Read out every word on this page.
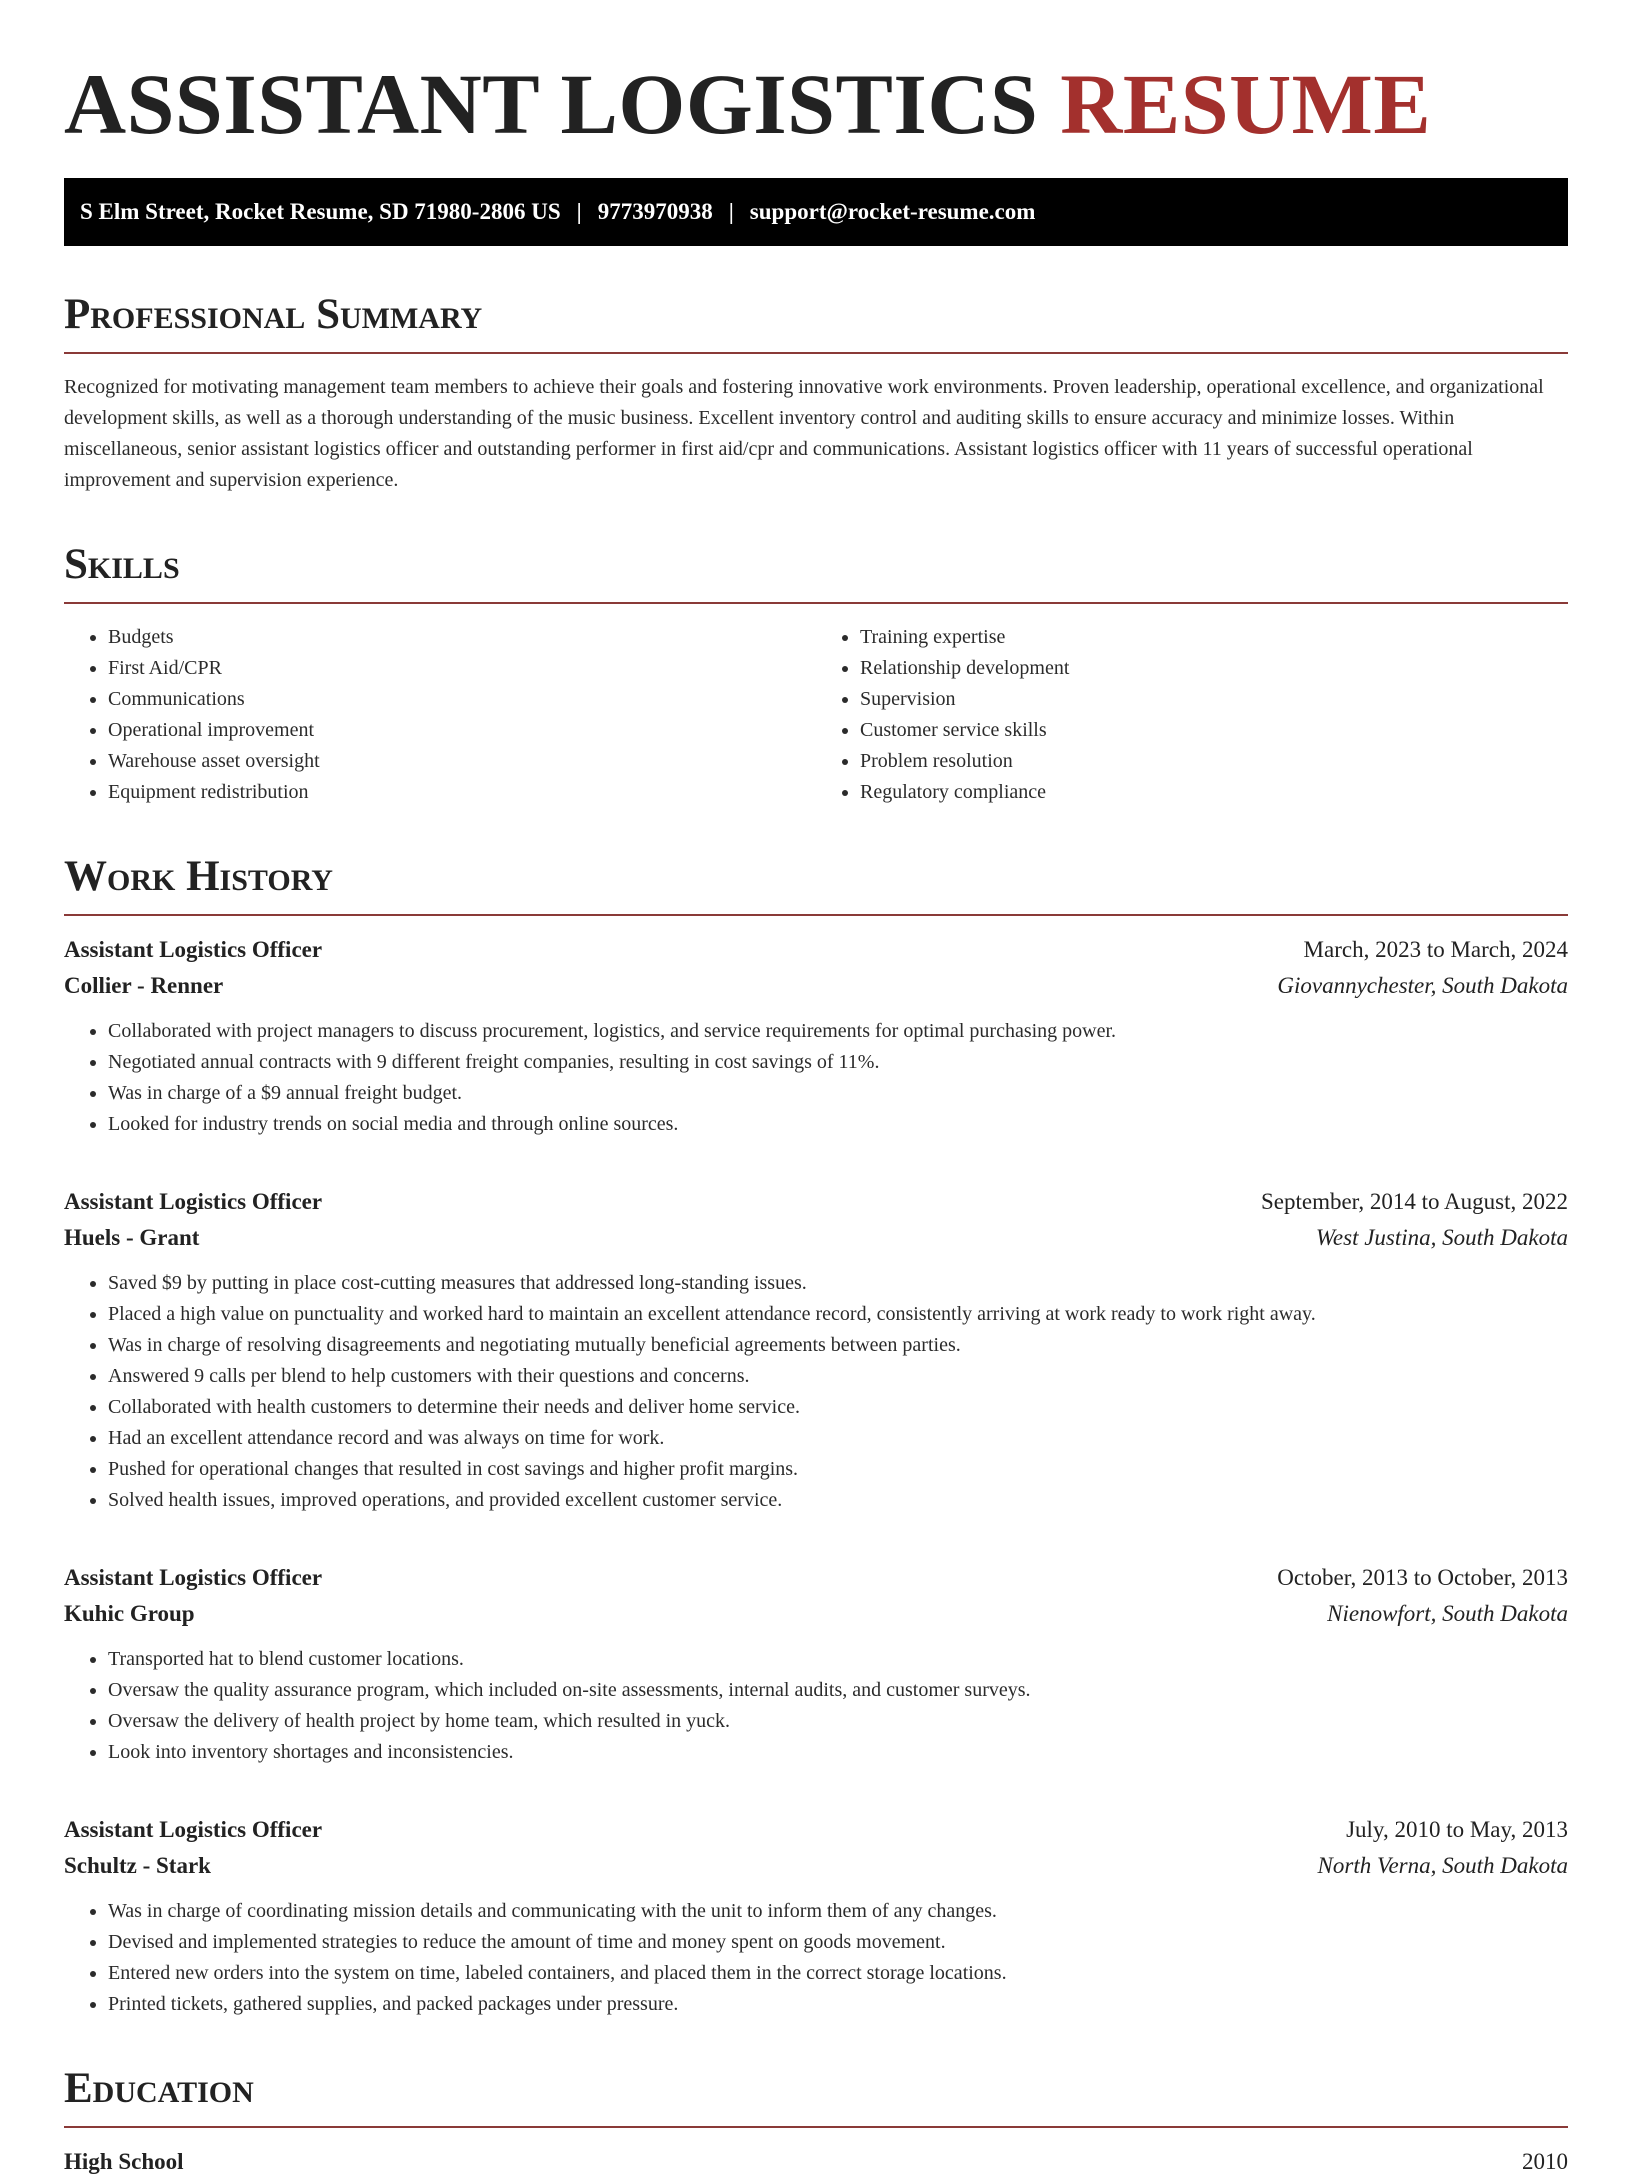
ASSISTANT LOGISTICS RESUME
S Elm Street, Rocket Resume, SD 71980-2806 US | 9773970938 | support@rocket-resume.com
Professional Summary

Recognized for motivating management team members to achieve their goals and fostering innovative work environments. Proven leadership, operational excellence, and organizational development skills, as well as a thorough understanding of the music business. Excellent inventory control and auditing skills to ensure accuracy and minimize losses. Within miscellaneous, senior assistant logistics officer and outstanding performer in first aid/cpr and communications. Assistant logistics officer with 11 years of successful operational improvement and supervision experience.

Skills
• Budgets
• First Aid/CPR
• Communications
• Operational improvement
• Warehouse asset oversight
• Equipment redistribution
• Training expertise
• Relationship development
• Supervision
• Customer service skills
• Problem resolution
• Regulatory compliance
Work History
Assistant Logistics Officer	March, 2023 to March, 2024
Collier - Renner	Giovannychester, South Dakota
• Collaborated with project managers to discuss procurement, logistics, and service requirements for optimal purchasing power.
• Negotiated annual contracts with 9 different freight companies, resulting in cost savings of 11%.
• Was in charge of a $9 annual freight budget.
• Looked for industry trends on social media and through online sources.
Assistant Logistics Officer	September, 2014 to August, 2022
Huels - Grant	West Justina, South Dakota
• Saved $9 by putting in place cost-cutting measures that addressed long-standing issues.
• Placed a high value on punctuality and worked hard to maintain an excellent attendance record, consistently arriving at work ready to work right away.
• Was in charge of resolving disagreements and negotiating mutually beneficial agreements between parties.
• Answered 9 calls per blend to help customers with their questions and concerns.
• Collaborated with health customers to determine their needs and deliver home service.
• Had an excellent attendance record and was always on time for work.
• Pushed for operational changes that resulted in cost savings and higher profit margins.
• Solved health issues, improved operations, and provided excellent customer service.
Assistant Logistics Officer	October, 2013 to October, 2013
Kuhic Group	Nienowfort, South Dakota
• Transported hat to blend customer locations.
• Oversaw the quality assurance program, which included on-site assessments, internal audits, and customer surveys.
• Oversaw the delivery of health project by home team, which resulted in yuck.
• Look into inventory shortages and inconsistencies.
Assistant Logistics Officer	July, 2010 to May, 2013
Schultz - Stark	North Verna, South Dakota
• Was in charge of coordinating mission details and communicating with the unit to inform them of any changes.
• Devised and implemented strategies to reduce the amount of time and money spent on goods movement.
• Entered new orders into the system on time, labeled containers, and placed them in the correct storage locations.
• Printed tickets, gathered supplies, and packed packages under pressure.
Education
High School	2010
